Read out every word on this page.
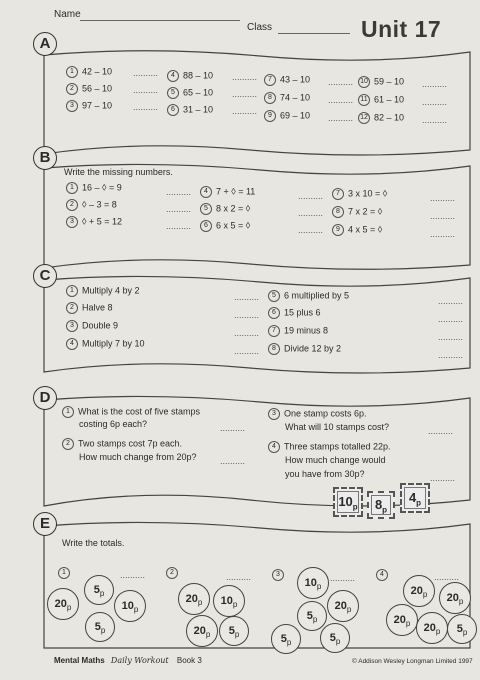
Name
Class	Unit 17
A
B
C
D
E
1 42 – 10
2 56 – 10
3 97 – 10
..........
..........
..........
4 88 – 10
5 65 – 10
6 31 – 10
..........
..........
..........
7 43 – 10
8 74 – 10
9 69 – 10
..........
..........
..........
10 59 – 10
11 61 – 10
12 82 – 10
..........
..........
..........
Write the missing numbers.
1 16 – ◊ = 9
2 ◊ – 3 = 8
3 ◊ + 5 = 12
..........
..........
..........
4 7 + ◊ = 11
5 8 x 2 = ◊
6 6 x 5 = ◊
..........
..........
..........
7 3 x 10 = ◊
8 7 x 2 = ◊
9 4 x 5 = ◊
..........
..........
..........
1 Multiply 4 by 2
2 Halve 8
3 Double 9
4 Multiply 7 by 10
..........
..........
..........
..........
5 6 multiplied by 5
6 15 plus 6
7 19 minus 8
8 Divide 12 by 2
..........
..........
..........
..........
1 What is the cost of five stamps
costing 6p each?	..........
2 Two stamps cost 7p each.
How much change from 20p?	..........
3 One stamp costs 6p.
What will 10 stamps cost?	..........
4 Three stamps totalled 22p.
How much change would
you have from 30p?	..........
$10_p$	$8_p$
$4_p$
Write the totals.
1	..........	2	..........	3	..........	4	..........
$5_p$
$20_p$	$10_p$
$5_p$
$20_p$	$10_p$
$20_p$	$5_p$
$10_p$
$5_p$
$20_p$
$5_p$	$5_p$
$20_p$	$20_p$
$20_p$	$20_p$	$5_p$
Mental Maths Daily Workout Book 3	© Addison Wesley Longman Limited 1997
